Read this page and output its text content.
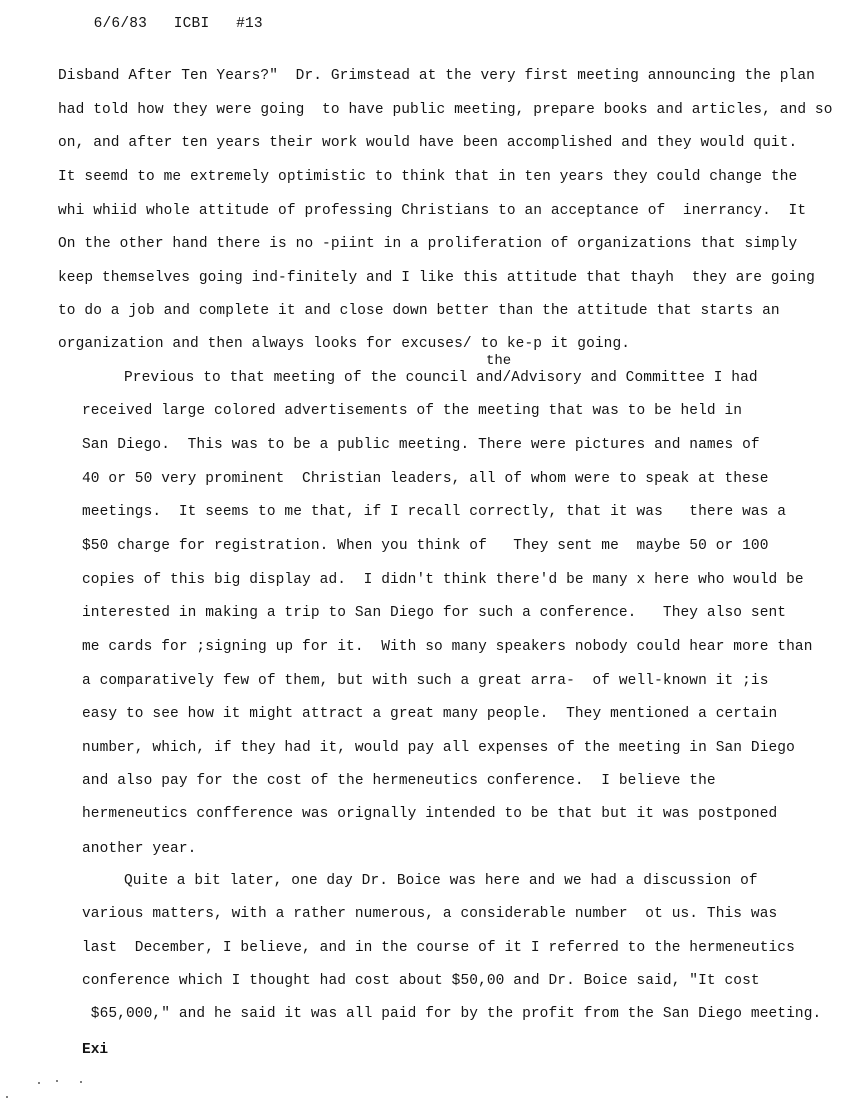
6/6/83 ICBI #13

Disband After Ten Years?"  Dr. Grimstead at the very first meeting announcing the plan
had told how they were going  to have public meeting, prepare books and articles, and so
on, and after ten years their work would have been accomplished and they would quit.
It seemd to me extremely optimistic to think that in ten years they could change the
whi whiid whole attitude of professing Christians to an acceptance of  inerrancy.  It
On the other hand there is no -piint in a proliferation of organizations that simply
keep themselves going ind-finitely and I like this attitude that thayh  they are going
to do a job and complete it and close down better than the attitude that starts an
organization and then always looks for excuses/ to ke-p it going.
the
Previous to that meeting of the council and/Advisory and Committee I had
received large colored advertisements of the meeting that was to be held in
San Diego.  This was to be a public meeting. There were pictures and names of
40 or 50 very prominent  Christian leaders, all of whom were to speak at these
meetings.  It seems to me that, if I recall correctly, that it was   there was a
$50 charge for registration. When you think of   They sent me  maybe 50 or 100
copies of this big display ad.  I didn't think there'd be many x here who would be
interested in making a trip to San Diego for such a conference.   They also sent
me cards for ;signing up for it.  With so many speakers nobody could hear more than
a comparatively few of them, but with such a great arra-  of well-known it ;is
easy to see how it might attract a great many people.  They mentioned a certain
number, which, if they had it, would pay all expenses of the meeting in San Diego
and also pay for the cost of the hermeneutics conference.  I believe the
hermeneutics confference was orignally intended to be that but it was postponed
another year.
Quite a bit later, one day Dr. Boice was here and we had a discussion of
various matters, with a rather numerous, a considerable number  ot us. This was
last  December, I believe, and in the course of it I referred to the hermeneutics
conference which I thought had cost about $50,00 and Dr. Boice said, "It cost
$65,000," and he said it was all paid for by the profit from the San Diego meeting.
Exi
